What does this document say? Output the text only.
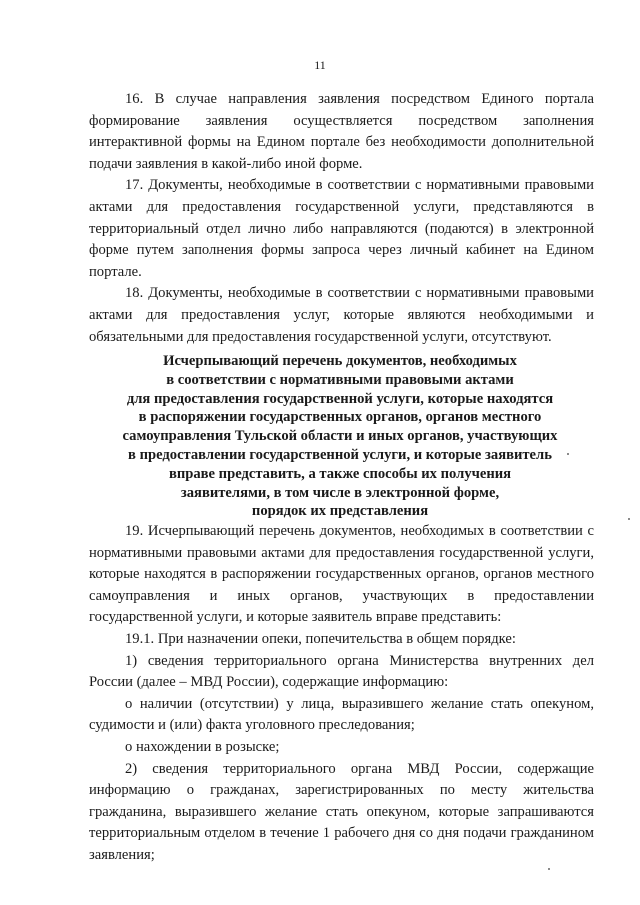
11

16. В случае направления заявления посредством Единого портала формирование заявления осуществляется посредством заполнения интерактивной формы на Едином портале без необходимости дополнительной подачи заявления в какой-либо иной форме.

17. Документы, необходимые в соответствии с нормативными правовыми актами для предоставления государственной услуги, представляются в территориальный отдел лично либо направляются (подаются) в электронной форме путем заполнения формы запроса через личный кабинет на Едином портале.

18. Документы, необходимые в соответствии с нормативными правовыми актами для предоставления услуг, которые являются необходимыми и обязательными для предоставления государственной услуги, отсутствуют.

Исчерпывающий перечень документов, необходимых
в соответствии с нормативными правовыми актами
для предоставления государственной услуги, которые находятся
в распоряжении государственных органов, органов местного
самоуправления Тульской области и иных органов, участвующих
в предоставлении государственной услуги, и которые заявитель
вправе представить, а также способы их получения
заявителями, в том числе в электронной форме,
порядок их представления

19. Исчерпывающий перечень документов, необходимых в соответствии с нормативными правовыми актами для предоставления государственной услуги, которые находятся в распоряжении государственных органов, органов местного самоуправления и иных органов, участвующих в предоставлении государственной услуги, и которые заявитель вправе представить:

19.1. При назначении опеки, попечительства в общем порядке:

1) сведения территориального органа Министерства внутренних дел России (далее – МВД России), содержащие информацию:

о наличии (отсутствии) у лица, выразившего желание стать опекуном, судимости и (или) факта уголовного преследования;

о нахождении в розыске;

2) сведения территориального органа МВД России, содержащие информацию о гражданах, зарегистрированных по месту жительства гражданина, выразившего желание стать опекуном, которые запрашиваются территориальным отделом в течение 1 рабочего дня со дня подачи гражданином заявления;
